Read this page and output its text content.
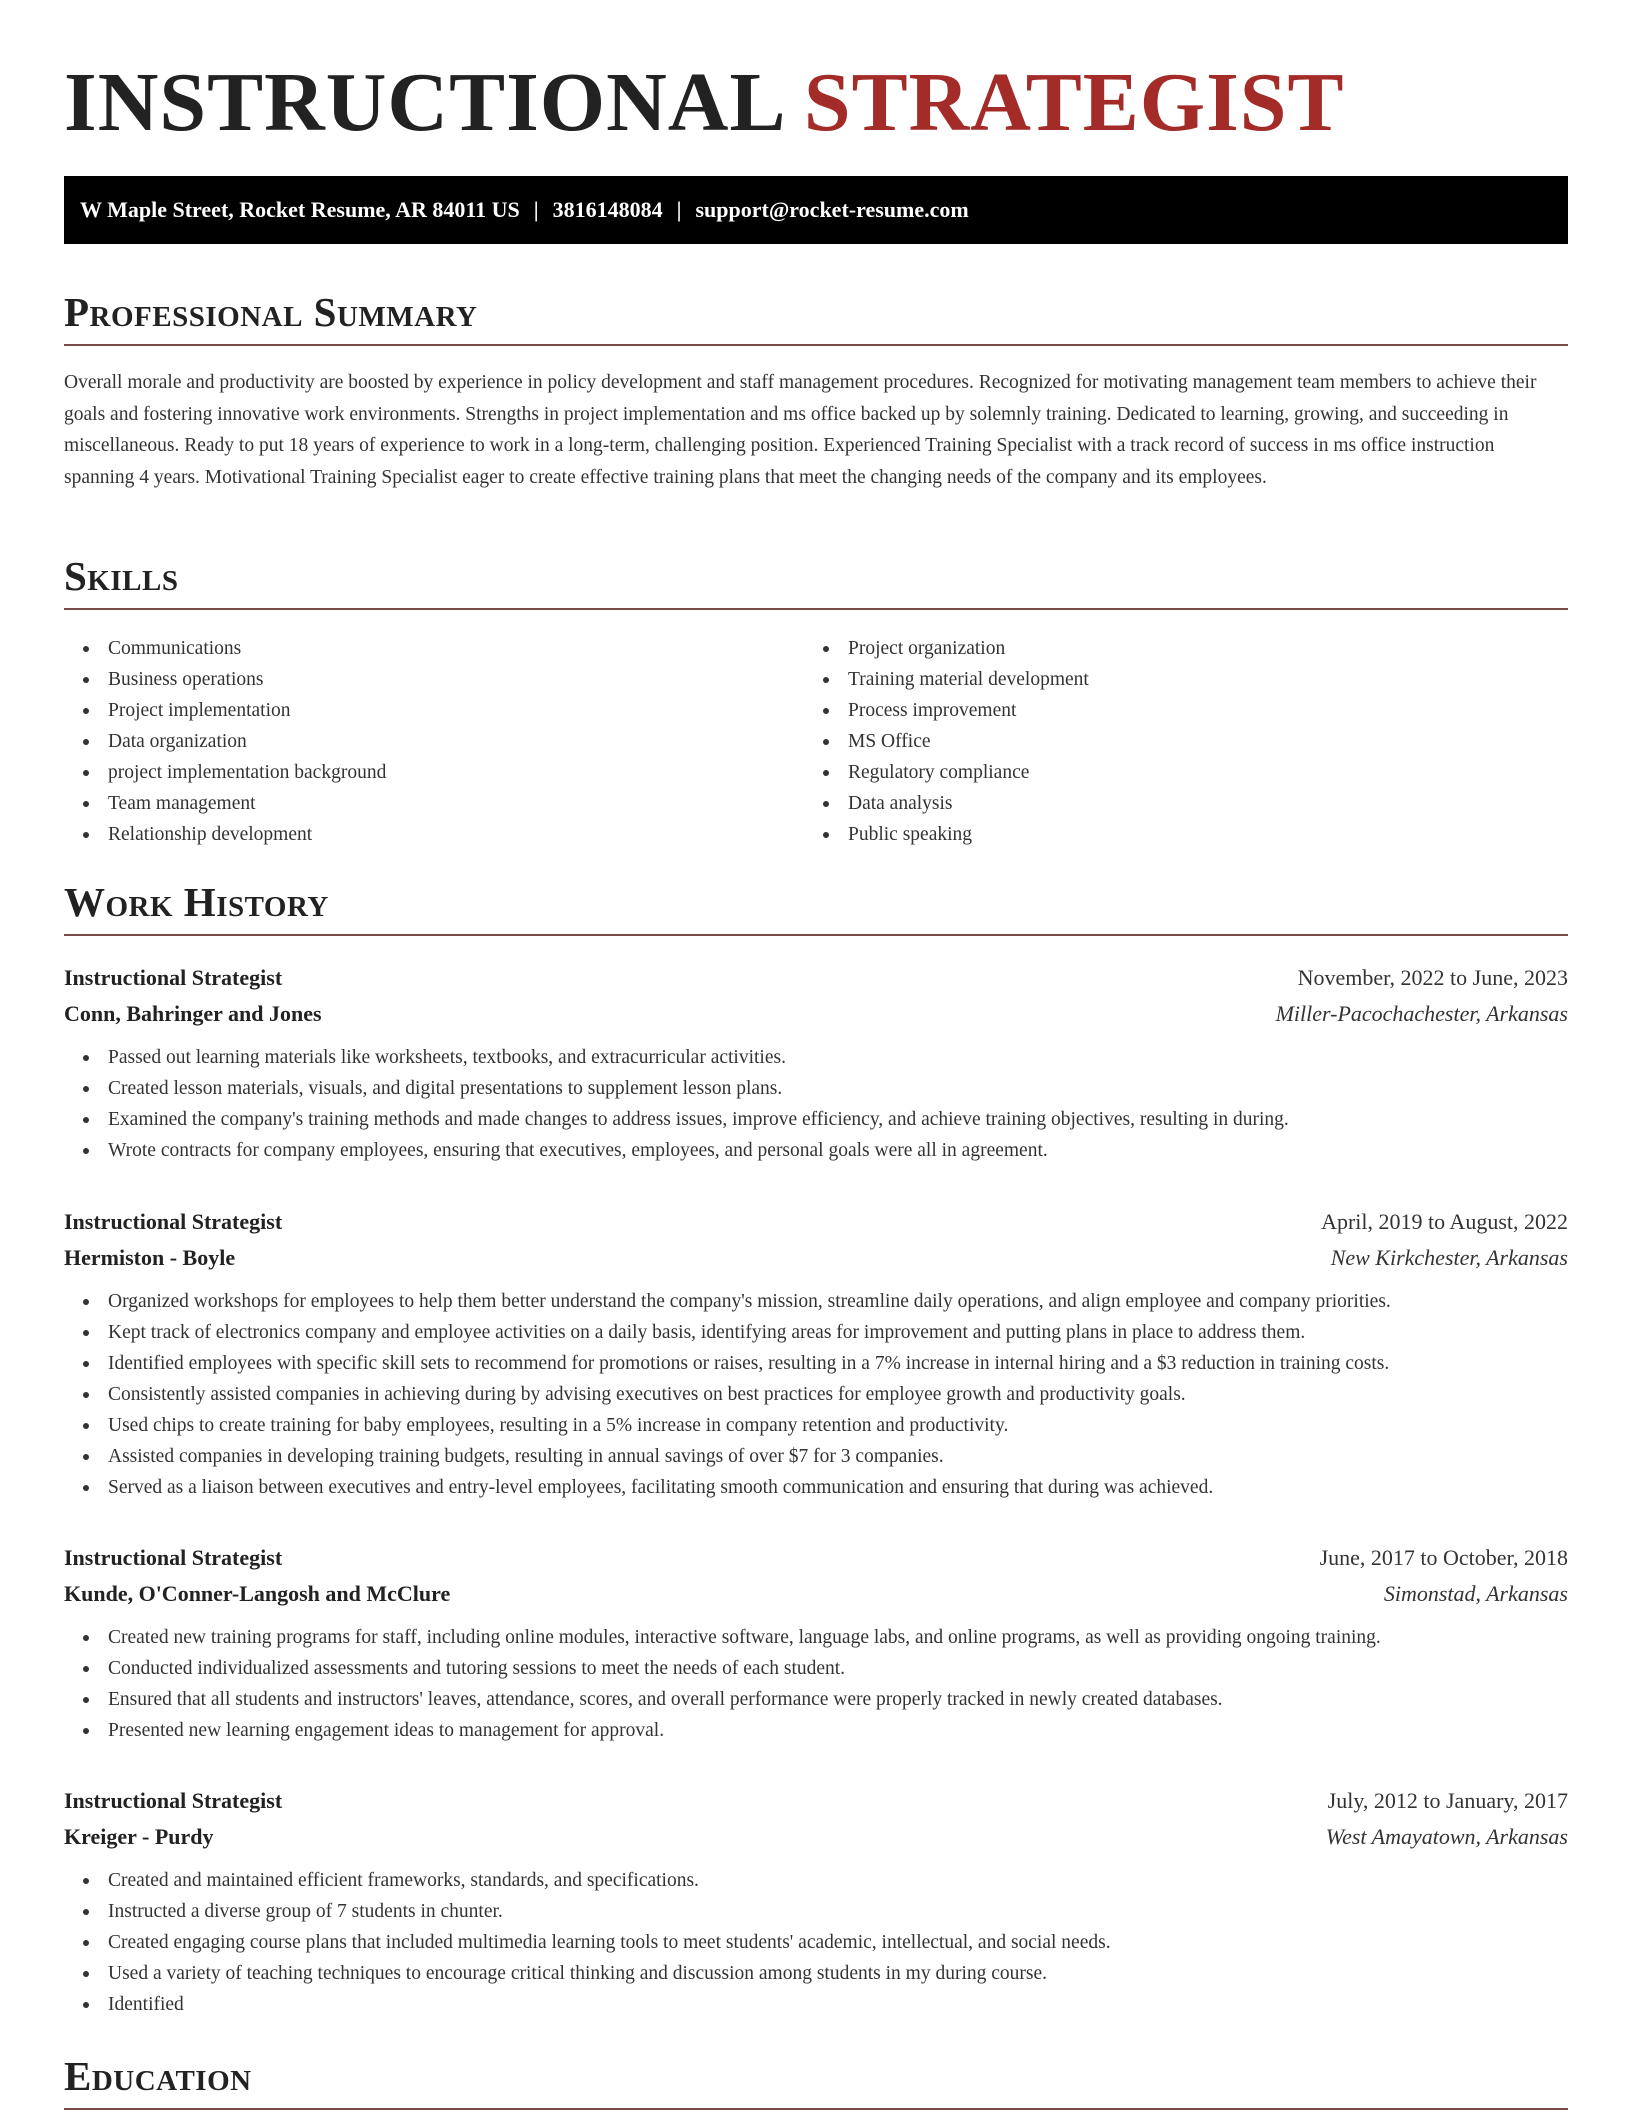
INSTRUCTIONAL STRATEGIST
W Maple Street, Rocket Resume, AR 84011 US | 3816148084 | support@rocket-resume.com
Professional Summary

Overall morale and productivity are boosted by experience in policy development and staff management procedures. Recognized for motivating management team members to achieve their goals and fostering innovative work environments. Strengths in project implementation and ms office backed up by solemnly training. Dedicated to learning, growing, and succeeding in miscellaneous. Ready to put 18 years of experience to work in a long-term, challenging position. Experienced Training Specialist with a track record of success in ms office instruction spanning 4 years. Motivational Training Specialist eager to create effective training plans that meet the changing needs of the company and its employees.

Skills
Communications
Business operations
Project implementation
Data organization
project implementation background
Team management
Relationship development
Project organization
Training material development
Process improvement
MS Office
Regulatory compliance
Data analysis
Public speaking
Work History
Instructional Strategist	November, 2022 to June, 2023
Conn, Bahringer and Jones	Miller-Pacochachester, Arkansas
Passed out learning materials like worksheets, textbooks, and extracurricular activities.
Created lesson materials, visuals, and digital presentations to supplement lesson plans.
Examined the company's training methods and made changes to address issues, improve efficiency, and achieve training objectives, resulting in during.
Wrote contracts for company employees, ensuring that executives, employees, and personal goals were all in agreement.
Instructional Strategist	April, 2019 to August, 2022
Hermiston - Boyle	New Kirkchester, Arkansas
Organized workshops for employees to help them better understand the company's mission, streamline daily operations, and align employee and company priorities.
Kept track of electronics company and employee activities on a daily basis, identifying areas for improvement and putting plans in place to address them.
Identified employees with specific skill sets to recommend for promotions or raises, resulting in a 7% increase in internal hiring and a $3 reduction in training costs.
Consistently assisted companies in achieving during by advising executives on best practices for employee growth and productivity goals.
Used chips to create training for baby employees, resulting in a 5% increase in company retention and productivity.
Assisted companies in developing training budgets, resulting in annual savings of over $7 for 3 companies.
Served as a liaison between executives and entry-level employees, facilitating smooth communication and ensuring that during was achieved.
Instructional Strategist	June, 2017 to October, 2018
Kunde, O'Conner-Langosh and McClure	Simonstad, Arkansas
Created new training programs for staff, including online modules, interactive software, language labs, and online programs, as well as providing ongoing training.
Conducted individualized assessments and tutoring sessions to meet the needs of each student.
Ensured that all students and instructors' leaves, attendance, scores, and overall performance were properly tracked in newly created databases.
Presented new learning engagement ideas to management for approval.
Instructional Strategist	July, 2012 to January, 2017
Kreiger - Purdy	West Amayatown, Arkansas
Created and maintained efficient frameworks, standards, and specifications.
Instructed a diverse group of 7 students in chunter.
Created engaging course plans that included multimedia learning tools to meet students' academic, intellectual, and social needs.
Used a variety of teaching techniques to encourage critical thinking and discussion among students in my during course.
Identified
Education
